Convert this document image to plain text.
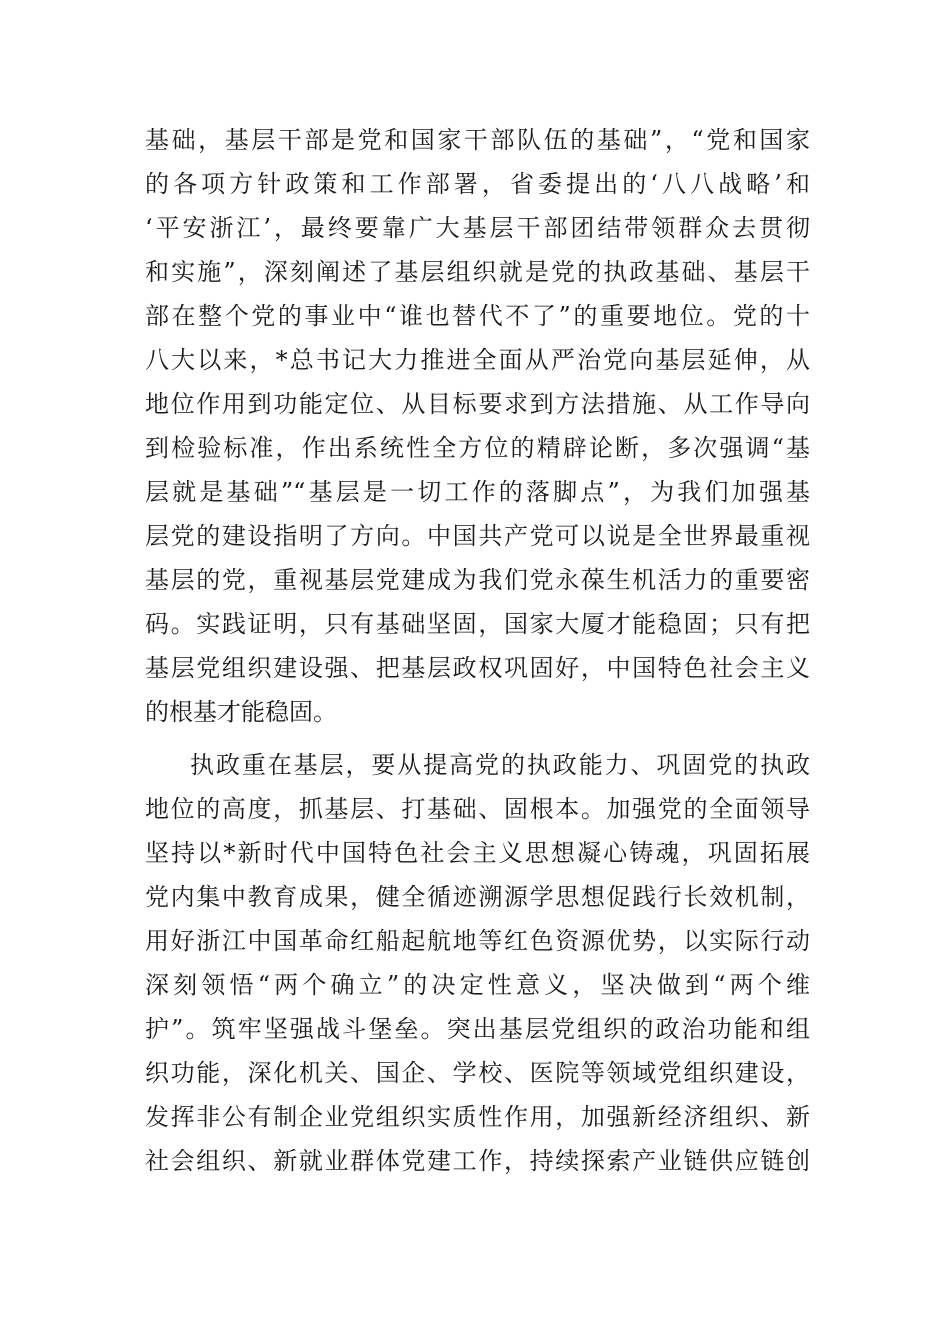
基础，基层干部是党和国家干部队伍的基础”，“党和国家
的各项方针政策和工作部署，省委提出的‘八八战略’和
‘平安浙江’，最终要靠广大基层干部团结带领群众去贯彻
和实施”，深刻阐述了基层组织就是党的执政基础、基层干
部在整个党的事业中“谁也替代不了”的重要地位。党的十
八大以来，*总书记大力推进全面从严治党向基层延伸，从
地位作用到功能定位、从目标要求到方法措施、从工作导向
到检验标准，作出系统性全方位的精辟论断，多次强调“基
层就是基础”“基层是一切工作的落脚点”，为我们加强基
层党的建设指明了方向。中国共产党可以说是全世界最重视
基层的党，重视基层党建成为我们党永葆生机活力的重要密
码。实践证明，只有基础坚固，国家大厦才能稳固；只有把
基层党组织建设强、把基层政权巩固好，中国特色社会主义
的根基才能稳固。
执政重在基层，要从提高党的执政能力、巩固党的执政
地位的高度，抓基层、打基础、固根本。加强党的全面领导
坚持以*新时代中国特色社会主义思想凝心铸魂，巩固拓展
党内集中教育成果，健全循迹溯源学思想促践行长效机制，
用好浙江中国革命红船起航地等红色资源优势，以实际行动
深刻领悟“两个确立”的决定性意义，坚决做到“两个维
护”。筑牢坚强战斗堡垒。突出基层党组织的政治功能和组
织功能，深化机关、国企、学校、医院等领域党组织建设，
发挥非公有制企业党组织实质性作用，加强新经济组织、新
社会组织、新就业群体党建工作，持续探索产业链供应链创
